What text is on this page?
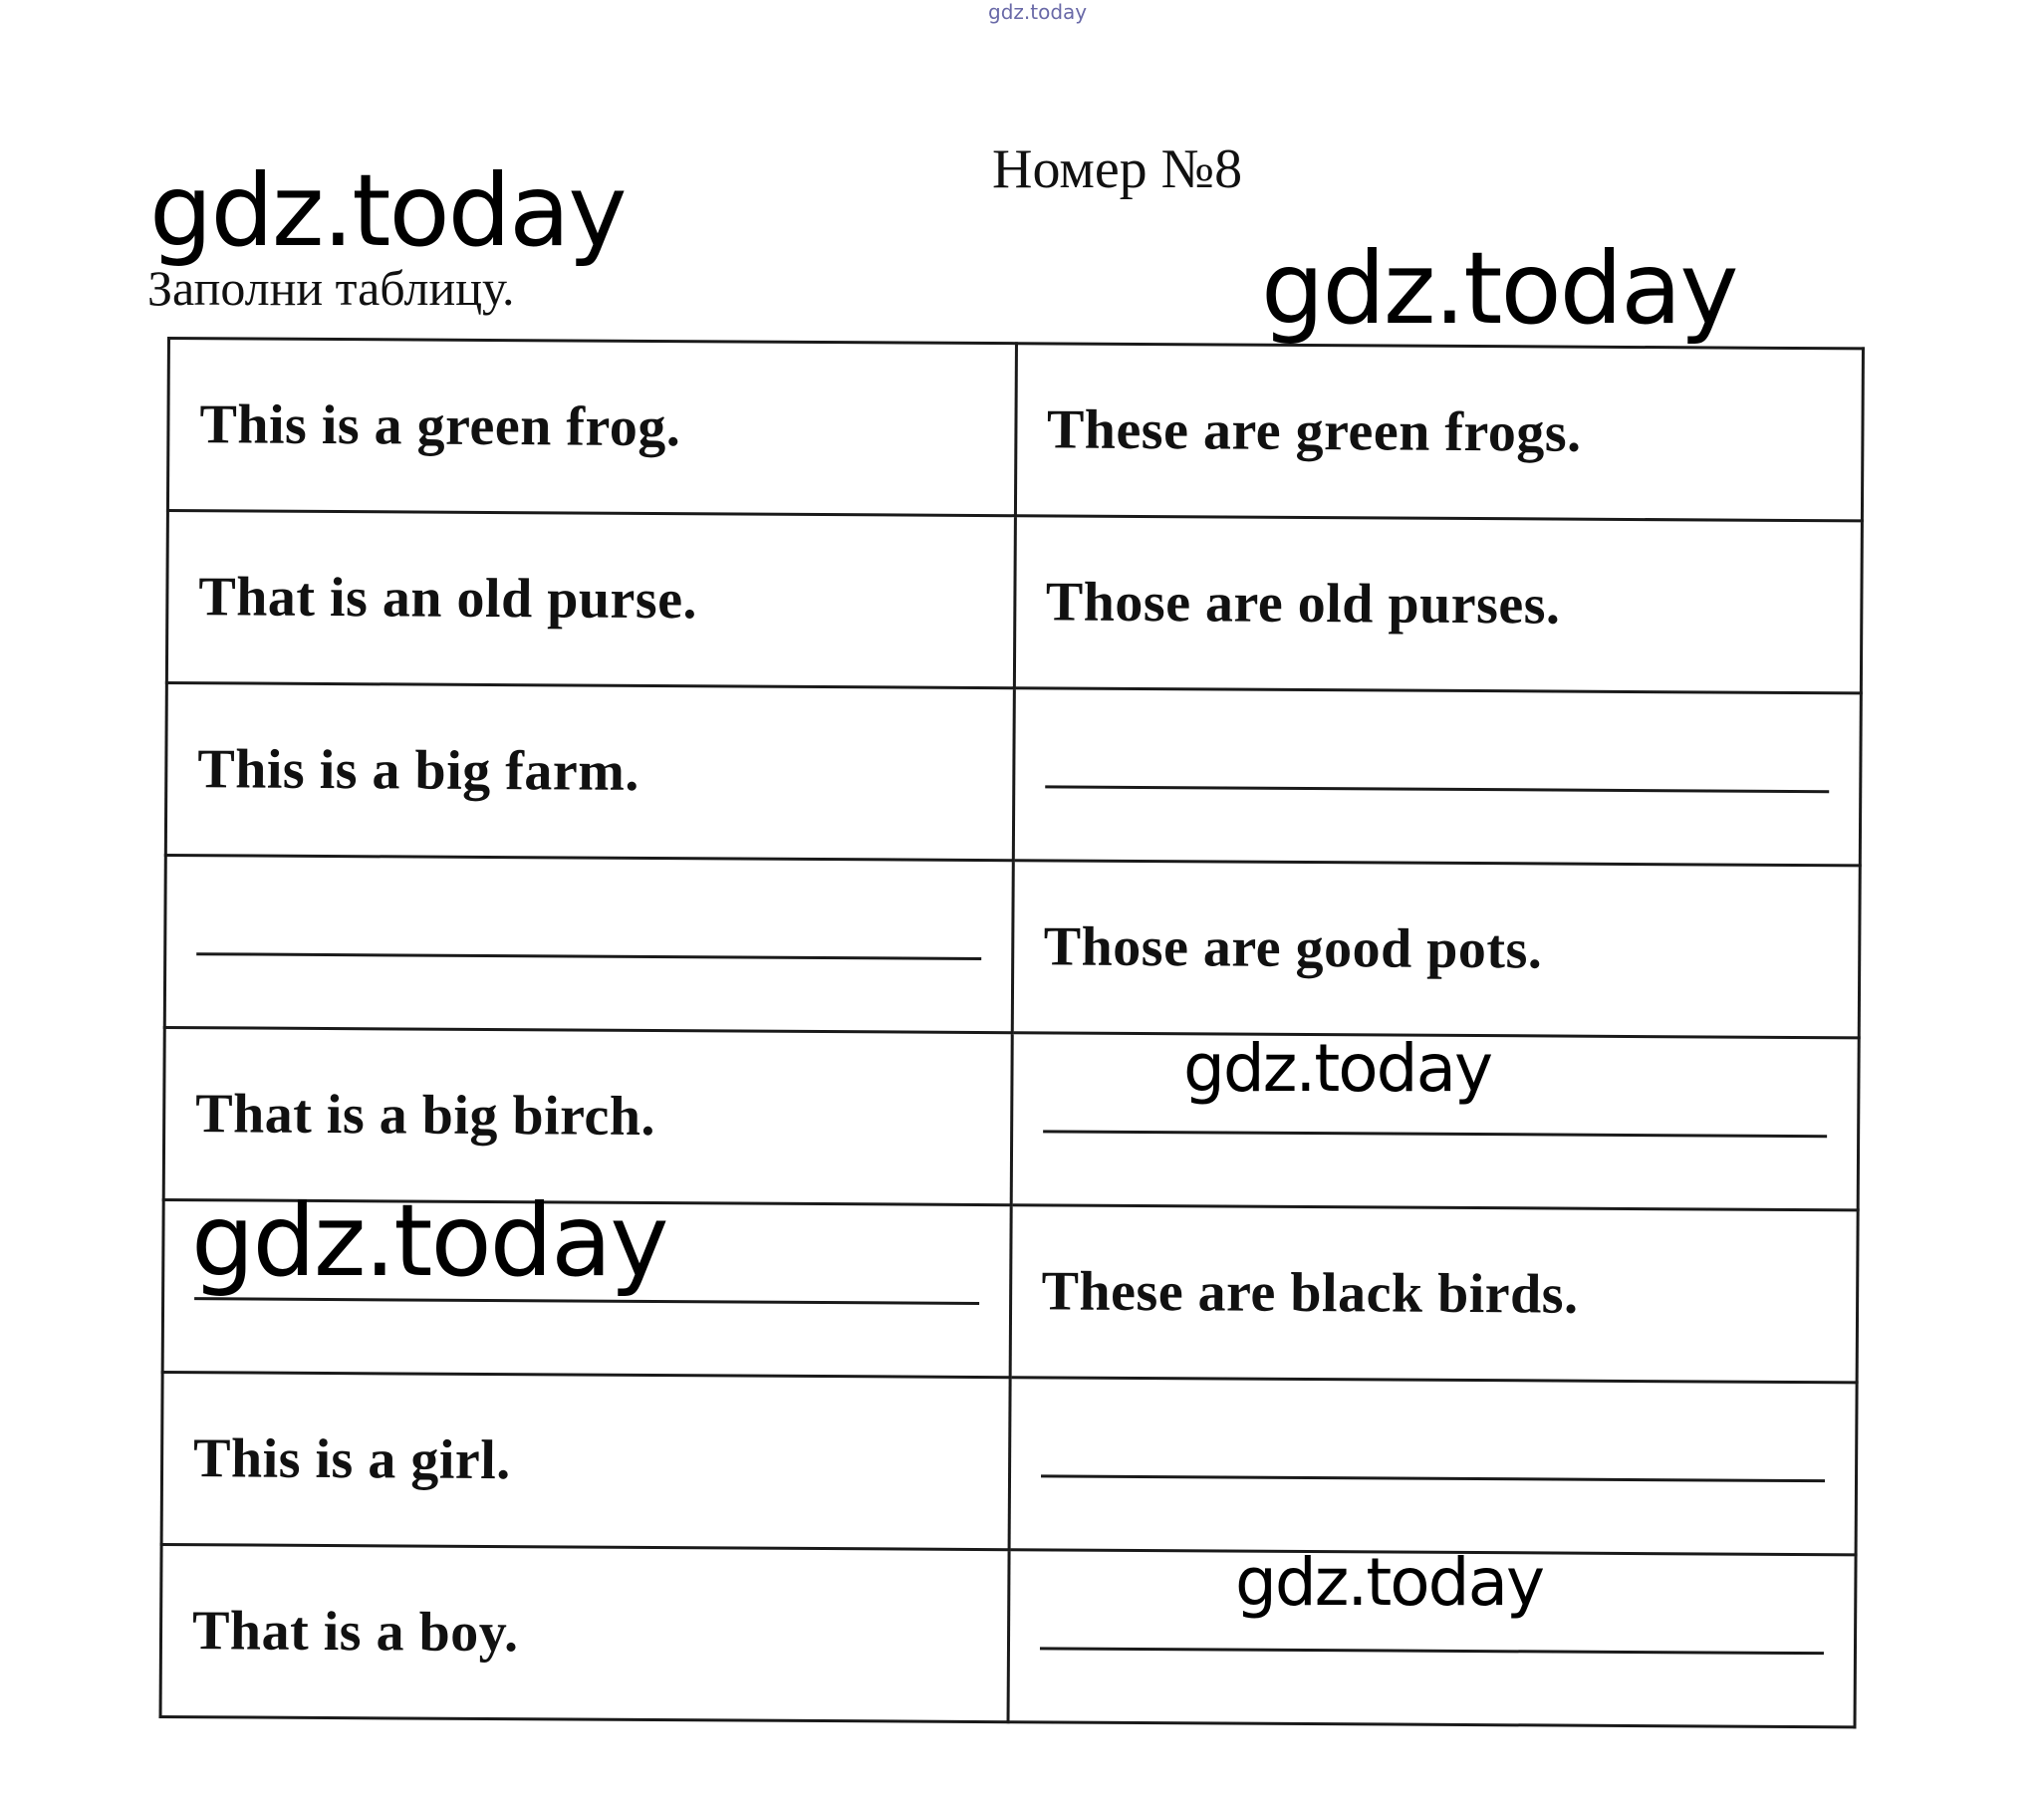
gdz.today
Номер №8
Заполни таблицу.
This is a green frog.	These are green frogs.
That is an old purse.	Those are old purses.
This is a big farm.	

	Those are good pots.
That is a big birch.	

	These are black birds.
This is a girl.	

That is a boy.	
gdz.today
gdz.today
gdz.today
gdz.today
gdz.today
